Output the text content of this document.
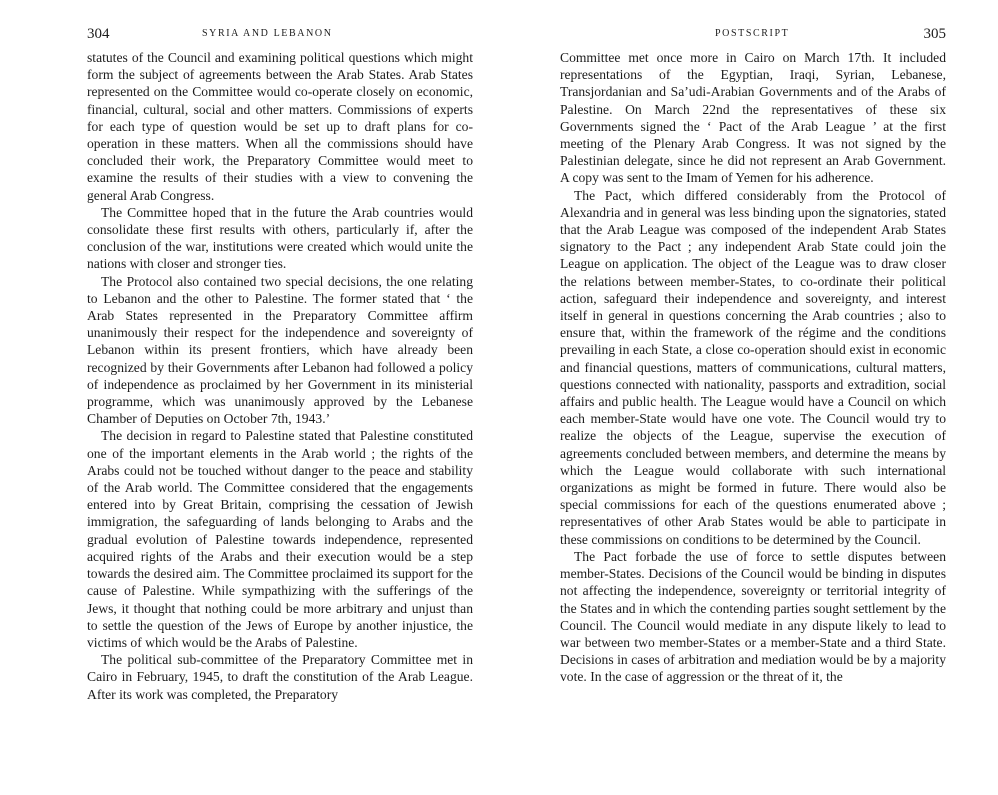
304	SYRIA AND LEBANON

statutes of the Council and examining political questions which might form the subject of agreements between the Arab States. Arab States represented on the Committee would co-operate closely on economic, financial, cultural, social and other matters. Commissions of experts for each type of question would be set up to draft plans for co-operation in these matters. When all the commissions should have concluded their work, the Preparatory Committee would meet to examine the results of their studies with a view to convening the general Arab Congress.

The Committee hoped that in the future the Arab countries would consolidate these first results with others, particularly if, after the conclusion of the war, institutions were created which would unite the nations with closer and stronger ties.

The Protocol also contained two special decisions, the one relating to Lebanon and the other to Palestine. The former stated that ‘ the Arab States represented in the Preparatory Committee affirm unanimously their respect for the independence and sovereignty of Lebanon within its present frontiers, which have already been recognized by their Governments after Lebanon had followed a policy of independence as proclaimed by her Government in its ministerial programme, which was unanimously approved by the Lebanese Chamber of Deputies on October 7th, 1943.’

The decision in regard to Palestine stated that Palestine constituted one of the important elements in the Arab world ; the rights of the Arabs could not be touched without danger to the peace and stability of the Arab world. The Committee considered that the engagements entered into by Great Britain, comprising the cessation of Jewish immigration, the safeguarding of lands belonging to Arabs and the gradual evolution of Palestine towards independence, represented acquired rights of the Arabs and their execution would be a step towards the desired aim. The Committee proclaimed its support for the cause of Palestine. While sympathizing with the sufferings of the Jews, it thought that nothing could be more arbitrary and unjust than to settle the question of the Jews of Europe by another injustice, the victims of which would be the Arabs of Palestine.

The political sub-committee of the Preparatory Committee met in Cairo in February, 1945, to draft the constitution of the Arab League. After its work was completed, the Preparatory

POSTSCRIPT	305

Committee met once more in Cairo on March 17th. It included representations of the Egyptian, Iraqi, Syrian, Lebanese, Transjordanian and Sa’udi-Arabian Governments and of the Arabs of Palestine. On March 22nd the representatives of these six Governments signed the ‘ Pact of the Arab League ’ at the first meeting of the Plenary Arab Congress. It was not signed by the Palestinian delegate, since he did not represent an Arab Government. A copy was sent to the Imam of Yemen for his adherence.

The Pact, which differed considerably from the Protocol of Alexandria and in general was less binding upon the signatories, stated that the Arab League was composed of the independent Arab States signatory to the Pact ; any independent Arab State could join the League on application. The object of the League was to draw closer the relations between member-States, to co-ordinate their political action, safeguard their independence and sovereignty, and interest itself in general in questions concerning the Arab countries ; also to ensure that, within the framework of the régime and the conditions prevailing in each State, a close co-operation should exist in economic and financial questions, matters of communications, cultural matters, questions connected with nationality, passports and extradition, social affairs and public health. The League would have a Council on which each member-State would have one vote. The Council would try to realize the objects of the League, supervise the execution of agreements concluded between members, and determine the means by which the League would collaborate with such international organizations as might be formed in future. There would also be special commissions for each of the questions enumerated above ; representatives of other Arab States would be able to participate in these commissions on conditions to be determined by the Council.

The Pact forbade the use of force to settle disputes between member-States. Decisions of the Council would be binding in disputes not affecting the independence, sovereignty or territorial integrity of the States and in which the contending parties sought settlement by the Council. The Council would mediate in any dispute likely to lead to war between two member-States or a member-State and a third State. Decisions in cases of arbitration and mediation would be by a majority vote. In the case of aggression or the threat of it, the
